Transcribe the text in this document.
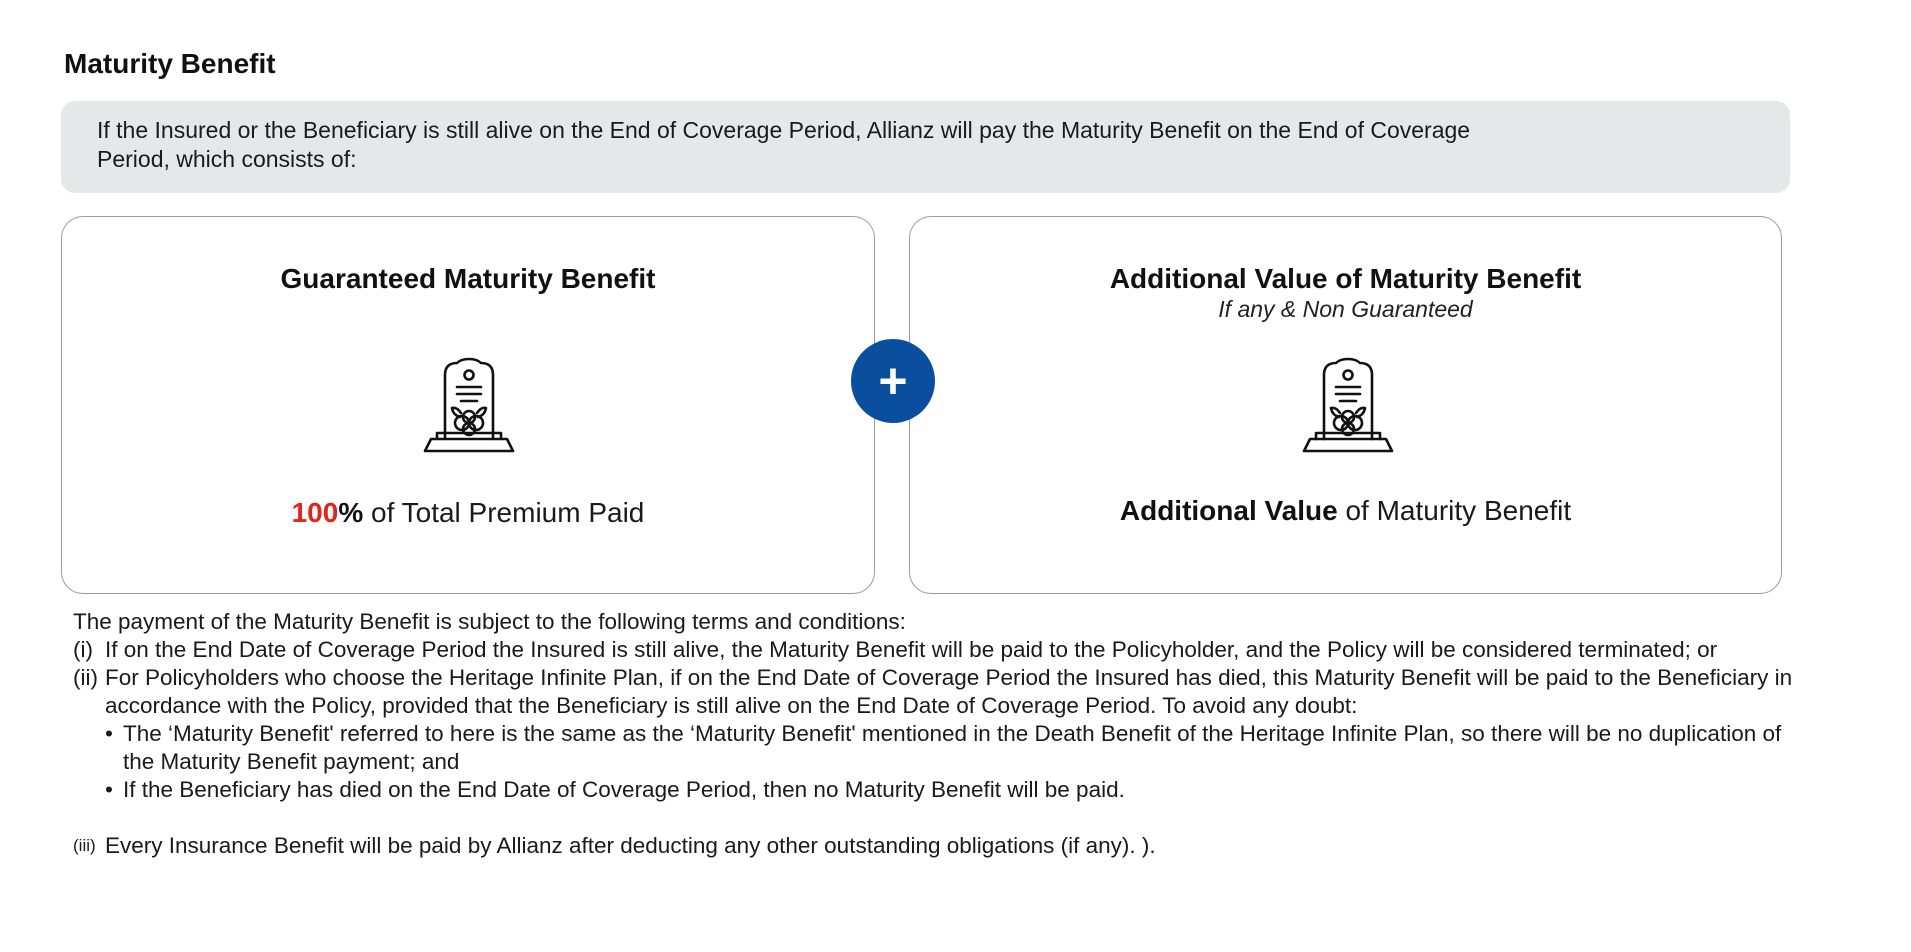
Maturity Benefit
If the Insured or the Beneficiary is still alive on the End of Coverage Period, Allianz will pay the Maturity Benefit on the End of Coverage
Period, which consists of:
Guaranteed Maturity Benefit
100% of Total Premium Paid
Additional Value of Maturity Benefit
If any & Non Guaranteed
Additional Value of Maturity Benefit
+

The payment of the Maturity Benefit is subject to the following terms and conditions:

(i) If on the End Date of Coverage Period the Insured is still alive, the Maturity Benefit will be paid to the Policyholder, and the Policy will be considered terminated; or
(ii) For Policyholders who choose the Heritage Infinite Plan, if on the End Date of Coverage Period the Insured has died, this Maturity Benefit will be paid to the Beneficiary in accordance with the Policy, provided that the Beneficiary is still alive on the End Date of Coverage Period. To avoid any doubt:
• The ‘Maturity Benefit' referred to here is the same as the ‘Maturity Benefit' mentioned in the Death Benefit of the Heritage Infinite Plan, so there will be no duplication of the Maturity Benefit payment; and
• If the Beneficiary has died on the End Date of Coverage Period, then no Maturity Benefit will be paid.
(iii) Every Insurance Benefit will be paid by Allianz after deducting any other outstanding obligations (if any). ).
